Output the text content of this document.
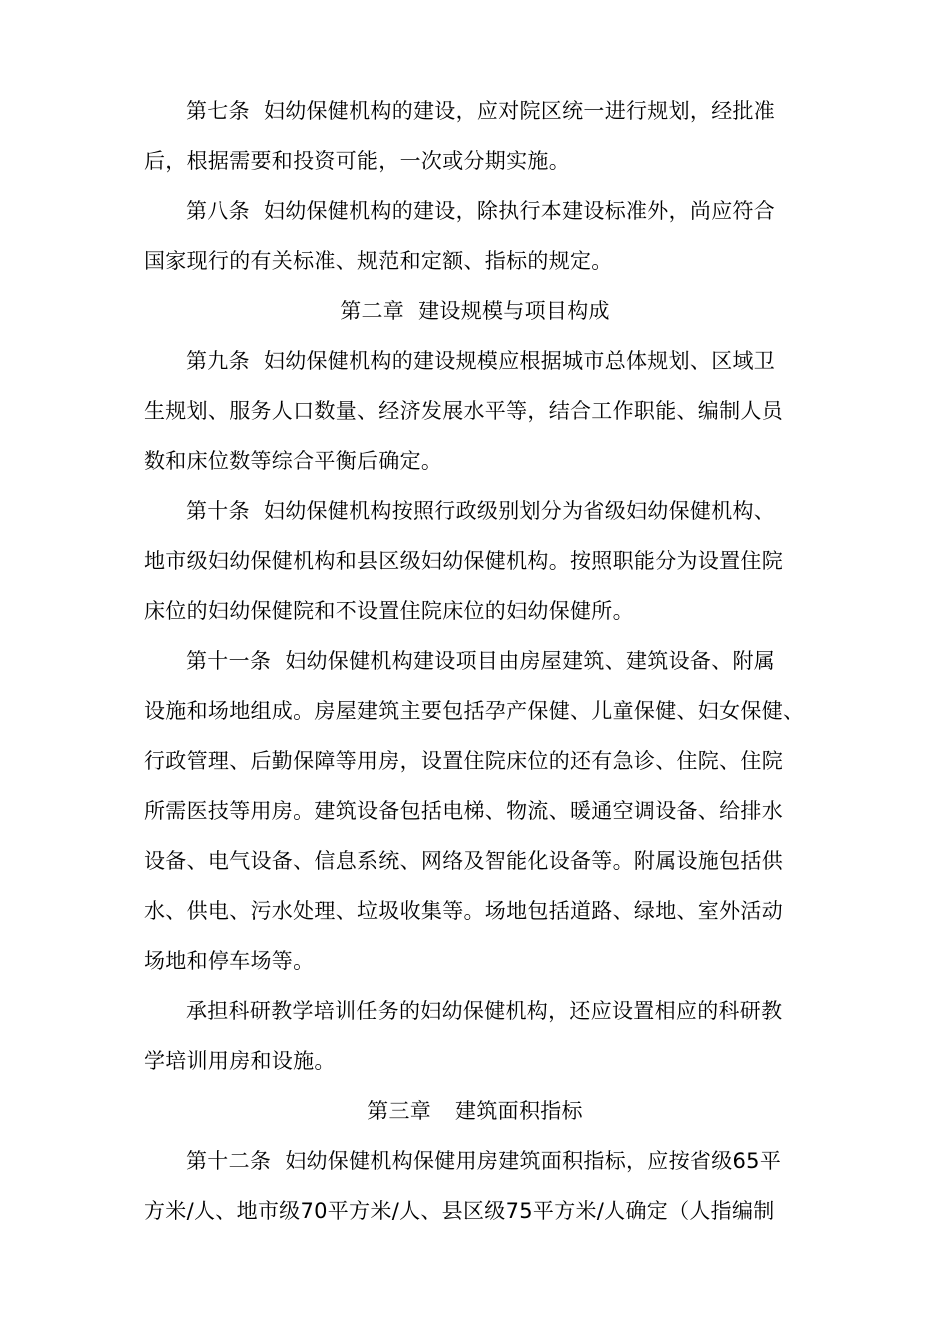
第七条 妇幼保健机构的建设，应对院区统一进行规划，经批准
后，根据需要和投资可能，一次或分期实施。
第八条 妇幼保健机构的建设，除执行本建设标准外，尚应符合
国家现行的有关标准、规范和定额、指标的规定。
第二章 建设规模与项目构成
第九条 妇幼保健机构的建设规模应根据城市总体规划、区域卫
生规划、服务人口数量、经济发展水平等，结合工作职能、编制人员
数和床位数等综合平衡后确定。
第十条 妇幼保健机构按照行政级别划分为省级妇幼保健机构、
地市级妇幼保健机构和县区级妇幼保健机构。按照职能分为设置住院
床位的妇幼保健院和不设置住院床位的妇幼保健所。
第十一条 妇幼保健机构建设项目由房屋建筑、建筑设备、附属
设施和场地组成。房屋建筑主要包括孕产保健、儿童保健、妇女保健、
行政管理、后勤保障等用房，设置住院床位的还有急诊、住院、住院
所需医技等用房。建筑设备包括电梯、物流、暖通空调设备、给排水
设备、电气设备、信息系统、网络及智能化设备等。附属设施包括供
水、供电、污水处理、垃圾收集等。场地包括道路、绿地、室外活动
场地和停车场等。
承担科研教学培训任务的妇幼保健机构，还应设置相应的科研教
学培训用房和设施。
第三章 建筑面积指标
第十二条 妇幼保健机构保健用房建筑面积指标，应按省级65平
方米/人、地市级70平方米/人、县区级75平方米/人确定（人指编制
